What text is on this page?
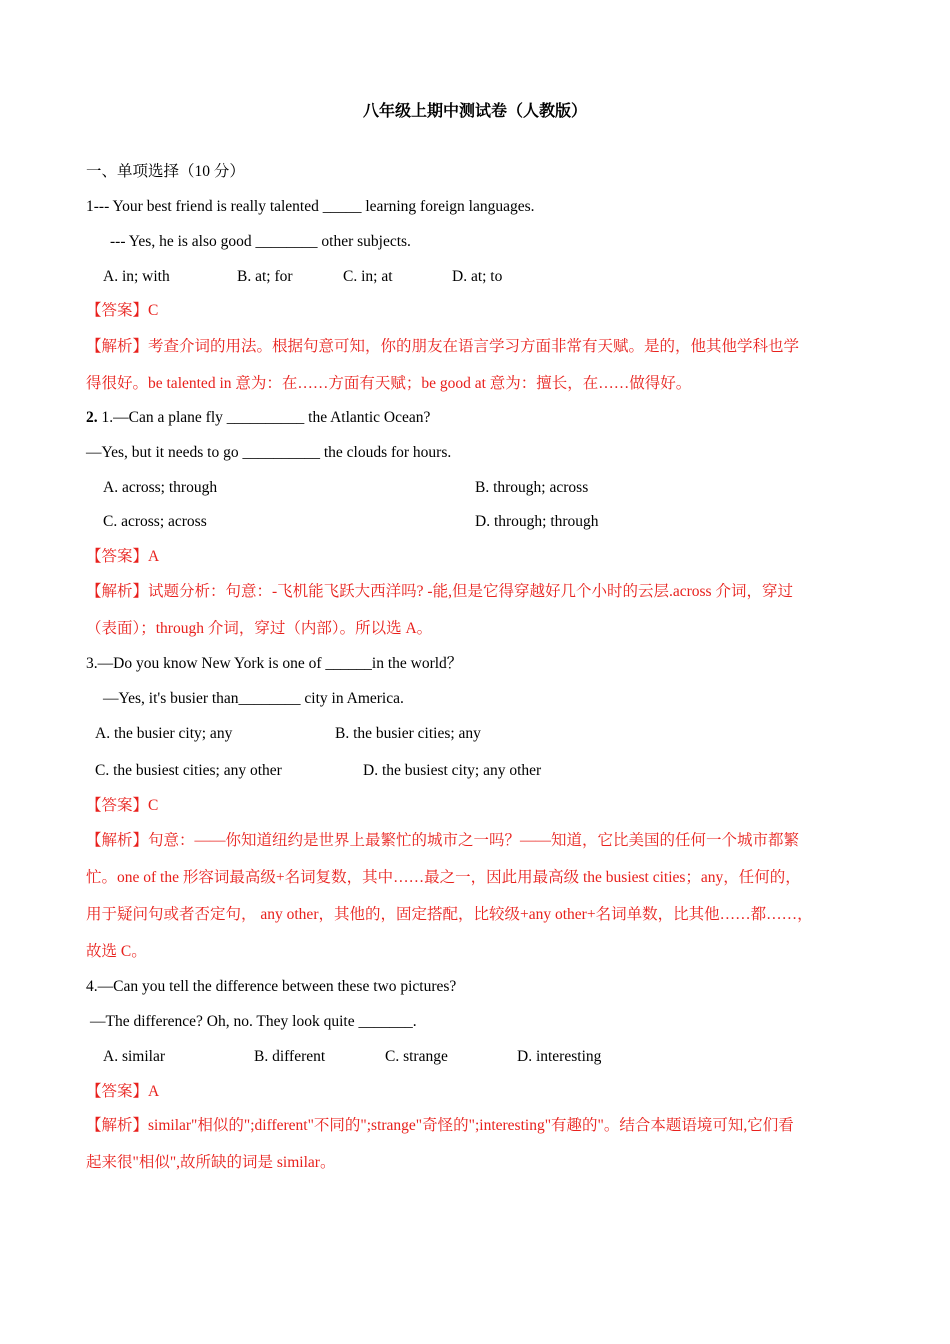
八年级上期中测试卷（人教版）
一、单项选择（10 分）
1--- Your best friend is really talented _____ learning foreign languages.
--- Yes, he is also good ________ other subjects.
A. in; with	B. at; for	C. in; at	D. at; to
【答案】C
【解析】考查介词的用法。根据句意可知，你的朋友在语言学习方面非常有天赋。是的，他其他学科也学
得很好。be talented in 意为：在……方面有天赋；be good at 意为：擅长，在……做得好。
2. 1.—Can a plane fly __________ the Atlantic Ocean?
—Yes, but it needs to go __________ the clouds for hours.
A. across; through	B. through; across
C. across; across	D. through; through
【答案】A
【解析】试题分析：句意：-飞机能飞跃大西洋吗? -能,但是它得穿越好几个小时的云层.across 介词，穿过
（表面）；through 介词，穿过（内部）。所以选 A。
3.—Do you know New York is one of ______in the world？
—Yes, it's busier than________ city in America.
A. the busier city; any	B. the busier cities; any
C. the busiest cities; any other	D. the busiest city; any other
【答案】C
【解析】句意：——你知道纽约是世界上最繁忙的城市之一吗？——知道，它比美国的任何一个城市都繁
忙。one of the 形容词最高级+名词复数，其中……最之一，因此用最高级 the busiest cities；any，任何的，
用于疑问句或者否定句， any other，其他的，固定搭配，比较级+any other+名词单数，比其他……都……，
故选 C。
4.—Can you tell the difference between these two pictures?
—The difference? Oh, no. They look quite _______.
A. similar	B. different	C. strange	D. interesting
【答案】A
【解析】similar"相似的";different"不同的";strange"奇怪的";interesting"有趣的"。结合本题语境可知,它们看
起来很"相似",故所缺的词是 similar。
